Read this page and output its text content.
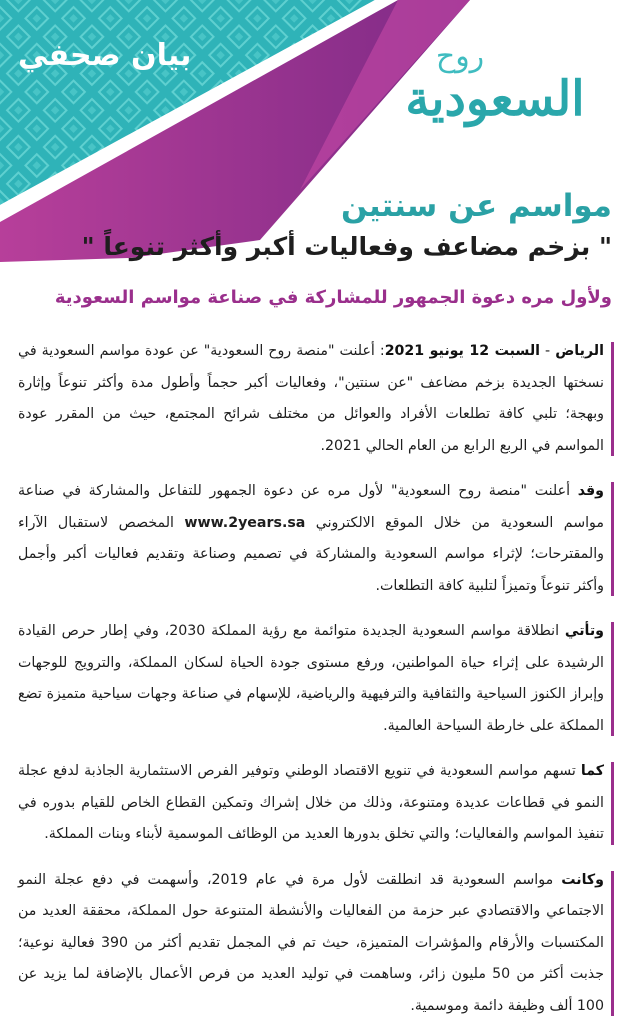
بيان صحفي	روح
السعودية
مواسم عن سنتين
" بزخم مضاعف وفعاليات أكبر وأكثر تنوعاً "

ولأول مره دعوة الجمهور للمشاركة في صناعة مواسم السعودية

الرياض - السبت 12 يونيو 2021: أعلنت "منصة روح السعودية" عن عودة مواسم السعودية في نسختها الجديدة بزخم مضاعف "عن سنتين"، وفعاليات أكبر حجماً وأطول مدة وأكثر تنوعاً وإثارة وبهجة؛ تلبي كافة تطلعات الأفراد والعوائل من مختلف شرائح المجتمع، حيث من المقرر عودة المواسم في الربع الرابع من العام الحالي 2021.

وقد أعلنت "منصة روح السعودية" لأول مره عن دعوة الجمهور للتفاعل والمشاركة في صناعة مواسم السعودية من خلال الموقع الالكتروني www.2years.sa المخصص لاستقبال الآراء والمقترحات؛ لإثراء مواسم السعودية والمشاركة في تصميم وصناعة وتقديم فعاليات أكبر وأجمل وأكثر تنوعاً وتميزاً لتلبية كافة التطلعات.

وتأتي انطلاقة مواسم السعودية الجديدة متوائمة مع رؤية المملكة 2030، وفي إطار حرص القيادة الرشيدة على إثراء حياة المواطنين، ورفع مستوى جودة الحياة لسكان المملكة، والترويج للوجهات وإبراز الكنوز السياحية والثقافية والترفيهية والرياضية، للإسهام في صناعة وجهات سياحية متميزة تضع المملكة على خارطة السياحة العالمية.

كما تسهم مواسم السعودية في تنويع الاقتصاد الوطني وتوفير الفرص الاستثمارية الجاذبة لدفع عجلة النمو في قطاعات عديدة ومتنوعة، وذلك من خلال إشراك وتمكين القطاع الخاص للقيام بدوره في تنفيذ المواسم والفعاليات؛ والتي تخلق بدورها العديد من الوظائف الموسمية لأبناء وبنات المملكة.

وكانت مواسم السعودية قد انطلقت لأول مرة في عام 2019، وأسهمت في دفع عجلة النمو الاجتماعي والاقتصادي عبر حزمة من الفعاليات والأنشطة المتنوعة حول المملكة، محققة العديد من المكتسبات والأرقام والمؤشرات المتميزة، حيث تم في المجمل تقديم أكثر من 390 فعالية نوعية؛ جذبت أكثر من 50 مليون زائر، وساهمت في توليد العديد من فرص الأعمال بالإضافة لما يزيد عن 100 ألف وظيفة دائمة وموسمية.
